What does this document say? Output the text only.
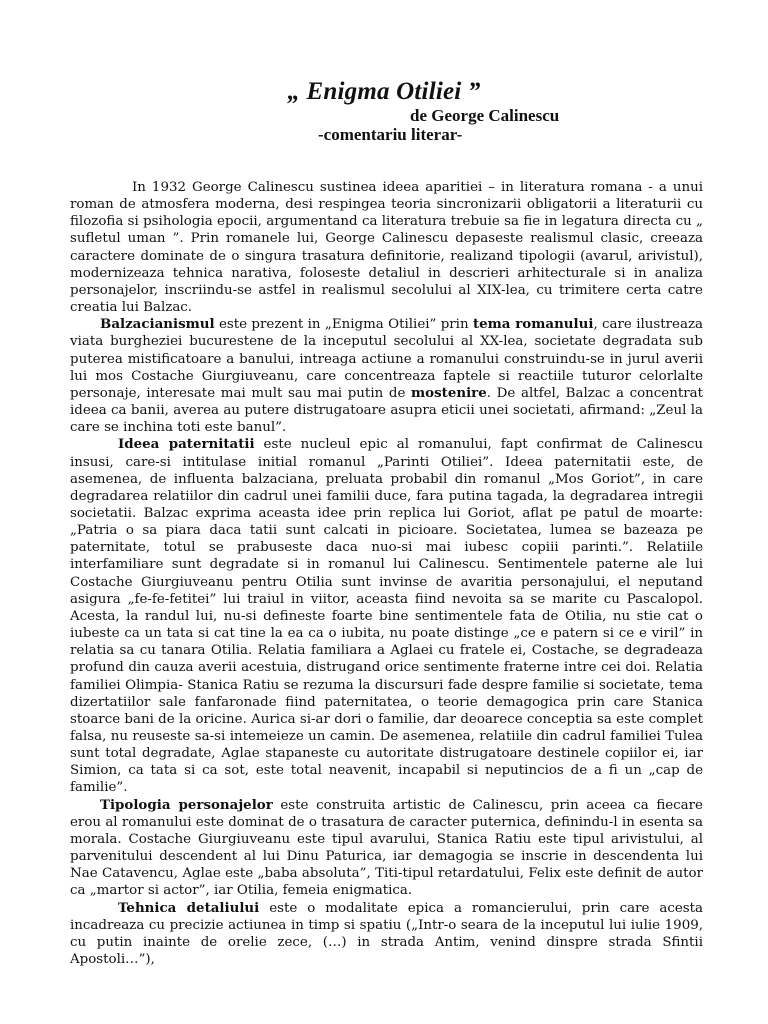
„ Enigma Otiliei ”
de George Calinescu
-comentariu literar-

In 1932 George Calinescu sustinea ideea aparitiei – in literatura romana - a unui roman de atmosfera moderna, desi respingea teoria sincronizarii obligatorii a literaturii cu filozofia si psihologia epocii, argumentand ca literatura trebuie sa fie in legatura directa cu „ sufletul uman ”. Prin romanele lui, George Calinescu depaseste realismul clasic, creeaza caractere dominate de o singura trasatura definitorie, realizand tipologii (avarul, arivistul), modernizeaza tehnica narativa, foloseste detaliul in descrieri arhitecturale si in analiza personajelor, inscriindu-se astfel in realismul secolului al XIX-lea, cu trimitere certa catre creatia lui Balzac.

Balzacianismul este prezent in „Enigma Otiliei” prin tema romanului, care ilustreaza viata burgheziei bucurestene de la inceputul secolului al XX-lea, societate degradata sub puterea mistificatoare a banului, intreaga actiune a romanului construindu-se in jurul averii lui mos Costache Giurgiuveanu, care concentreaza faptele si reactiile tuturor celorlalte personaje, interesate mai mult sau mai putin de mostenire. De altfel, Balzac a concentrat ideea ca banii, averea au putere distrugatoare asupra eticii unei societati, afirmand: „Zeul la care se inchina toti este banul”.

Ideea paternitatii este nucleul epic al romanului, fapt confirmat de Calinescu insusi, care-si intitulase initial romanul „Parinti Otiliei”. Ideea paternitatii este, de asemenea, de influenta balzaciana, preluata probabil din romanul „Mos Goriot”, in care degradarea relatiilor din cadrul unei familii duce, fara putina tagada, la degradarea intregii societatii. Balzac exprima aceasta idee prin replica lui Goriot, aflat pe patul de moarte: „Patria o sa piara daca tatii sunt calcati in picioare. Societatea, lumea se bazeaza pe paternitate, totul se prabuseste daca nuo-si mai iubesc copiii parinti.”. Relatiile interfamiliare sunt degradate si in romanul lui Calinescu. Sentimentele paterne ale lui Costache Giurgiuveanu pentru Otilia sunt invinse de avaritia personajului, el neputand asigura „fe-fe-fetitei” lui traiul in viitor, aceasta fiind nevoita sa se marite cu Pascalopol. Acesta, la randul lui, nu-si defineste foarte bine sentimentele fata de Otilia, nu stie cat o iubeste ca un tata si cat tine la ea ca o iubita, nu poate distinge „ce e patern si ce e viril” in relatia sa cu tanara Otilia. Relatia familiara a Aglaei cu fratele ei, Costache, se degradeaza profund din cauza averii acestuia, distrugand orice sentimente fraterne intre cei doi. Relatia familiei Olimpia- Stanica Ratiu se rezuma la discursuri fade despre familie si societate, tema dizertatiilor sale fanfaronade fiind paternitatea, o teorie demagogica prin care Stanica stoarce bani de la oricine. Aurica si-ar dori o familie, dar deoarece conceptia sa este complet falsa, nu reuseste sa-si intemeieze un camin. De asemenea, relatiile din cadrul familiei Tulea sunt total degradate, Aglae stapaneste cu autoritate distrugatoare destinele copiilor ei, iar Simion, ca tata si ca sot, este total neavenit, incapabil si neputincios de a fi un „cap de familie”.

Tipologia personajelor este construita artistic de Calinescu, prin aceea ca fiecare erou al romanului este dominat de o trasatura de caracter puternica, definindu-l in esenta sa morala. Costache Giurgiuveanu este tipul avarului, Stanica Ratiu este tipul arivistului, al parvenitului descendent al lui Dinu Paturica, iar demagogia se inscrie in descendenta lui Nae Catavencu, Aglae este „baba absoluta”, Titi-tipul retardatului, Felix este definit de autor ca „martor si actor”, iar Otilia, femeia enigmatica.

Tehnica detaliului este o modalitate epica a romancierului, prin care acesta incadreaza cu precizie actiunea in timp si spatiu („Intr-o seara de la inceputul lui iulie 1909, cu putin inainte de orelie zece, (…) in strada Antim, venind dinspre strada Sfintii Apostoli…”),
